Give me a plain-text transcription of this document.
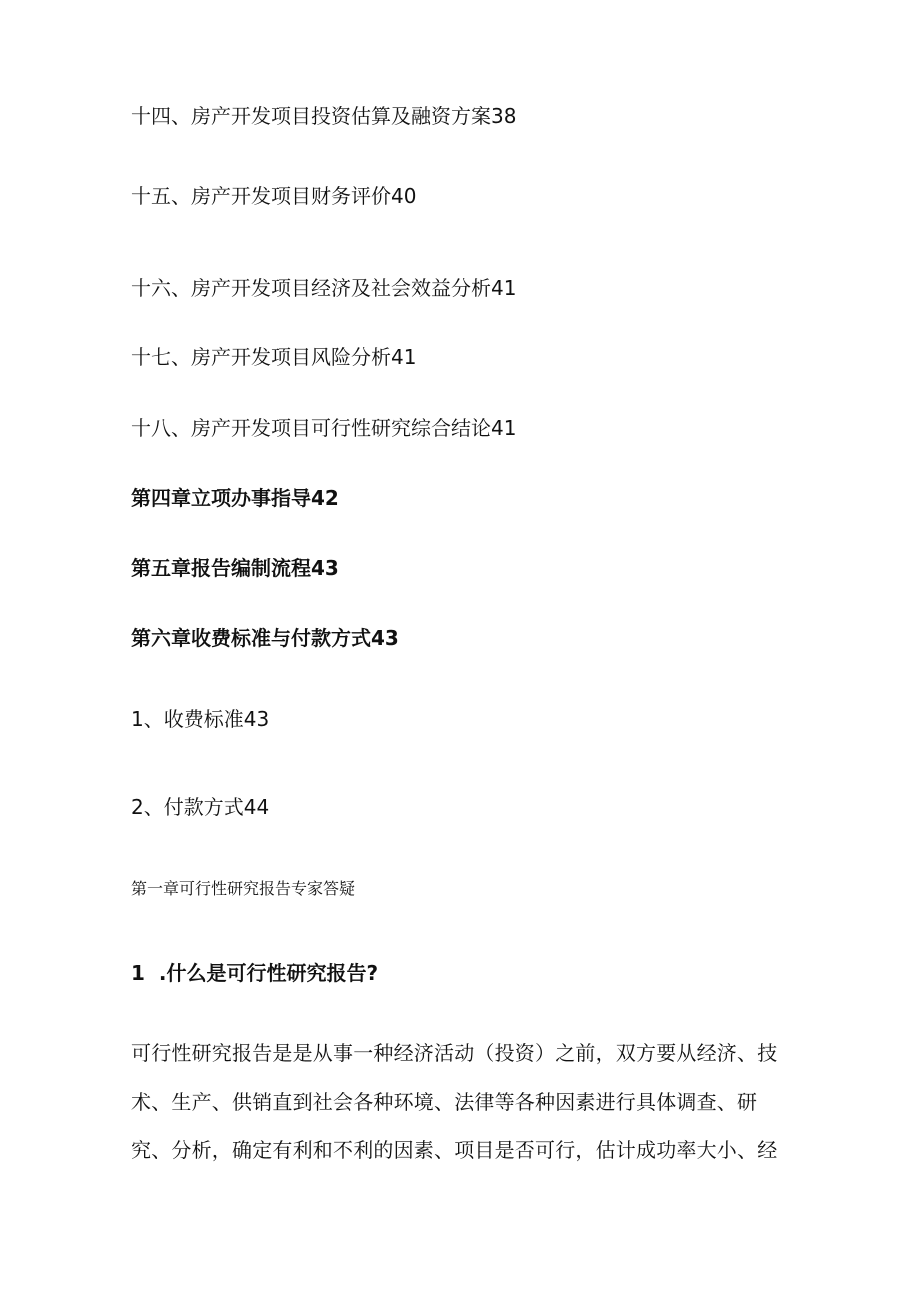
十四、房产开发项目投资估算及融资方案38
十五、房产开发项目财务评价40
十六、房产开发项目经济及社会效益分析41
十七、房产开发项目风险分析41
十八、房产开发项目可行性研究综合结论41
第四章立项办事指导42
第五章报告编制流程43
第六章收费标准与付款方式43
1、收费标准43
2、付款方式44
第一章可行性研究报告专家答疑
1  .什么是可行性研究报告?
可行性研究报告是是从事一种经济活动（投资）之前，双方要从经济、技
术、生产、供销直到社会各种环境、法律等各种因素进行具体调查、研
究、分析，确定有利和不利的因素、项目是否可行，估计成功率大小、经
